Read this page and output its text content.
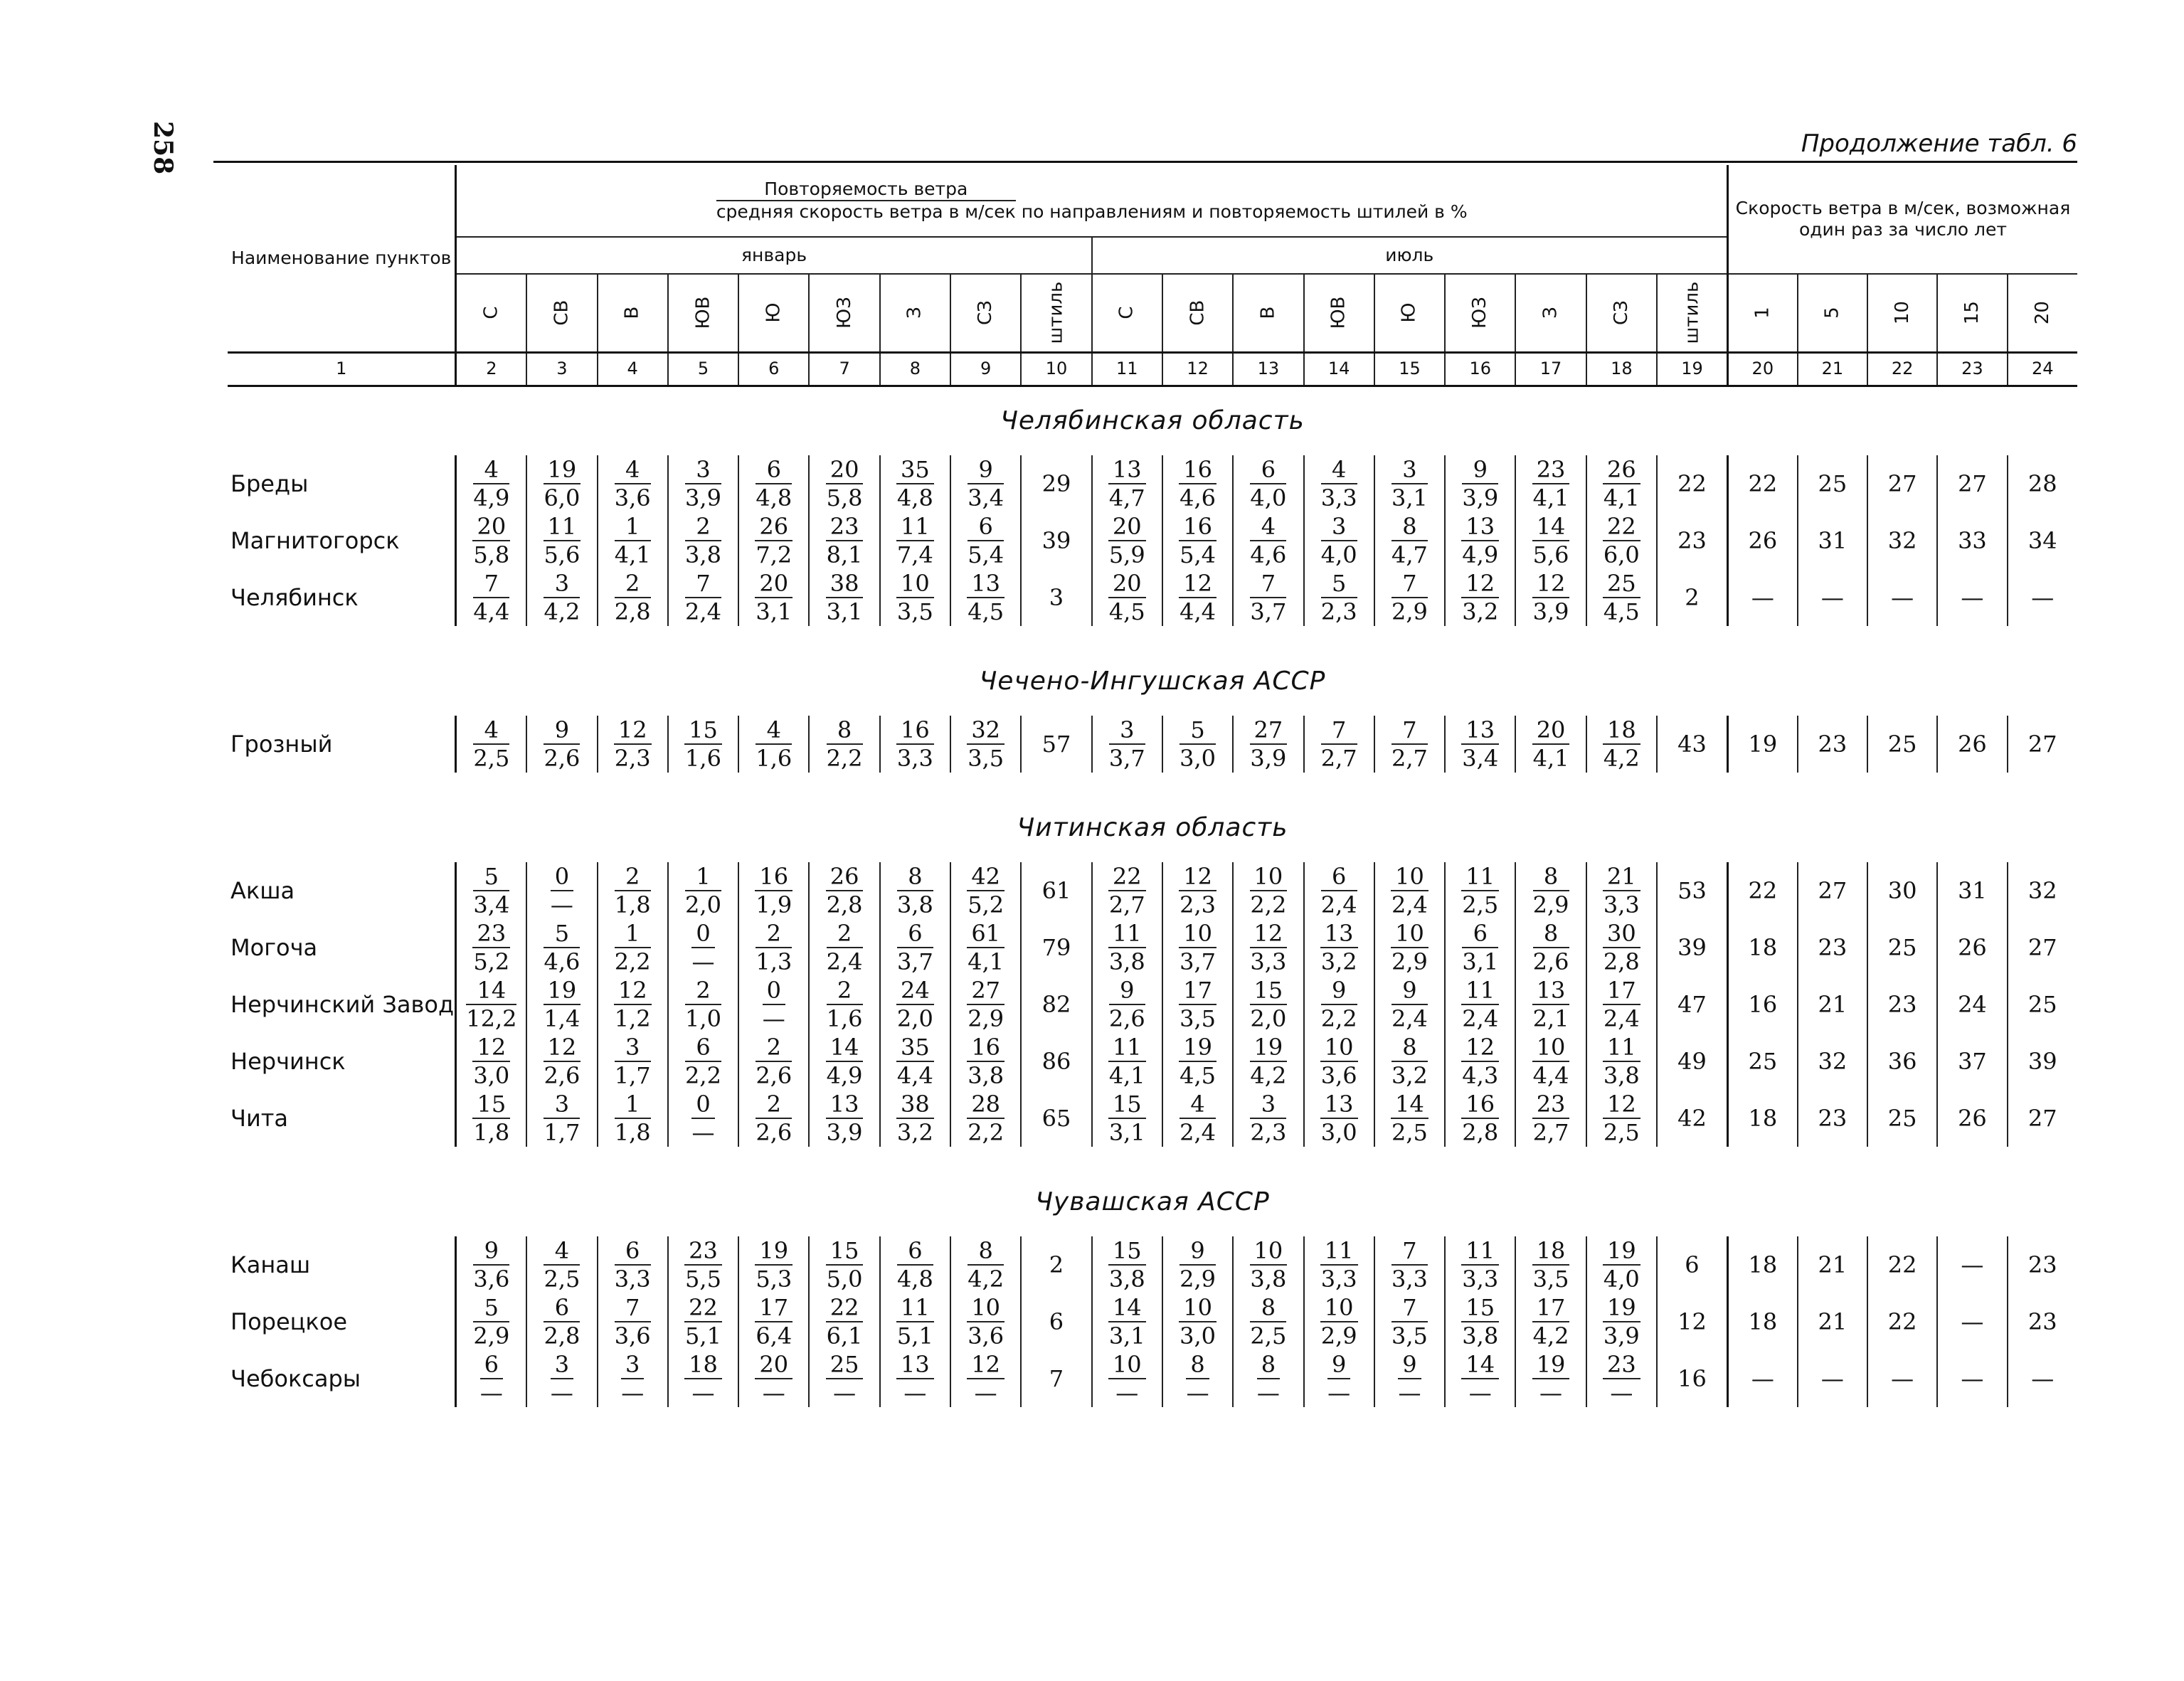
258	Продолжение табл. 6
Наименование пунктов	$\frac{\text{Повторяемость ветра}}{\text{средняя скорость ветра в м/сек}}$ по направлениям и повторяемость штилей в %																		Скорость ветра в м/сек, возможная один раз за число лет				
	январь									июль													
	С	СВ	В	ЮВ	Ю	ЮЗ	З	СЗ	штиль	С	СВ	В	ЮВ	Ю	ЮЗ	З	СЗ	штиль	1	5	10	15	20
1	2	3	4	5	6	7	8	9	10	11	12	13	14	15	16	17	18	19	20	21	22	23	24
Челябинская область																							
Бреды	$\frac{4}{4,9}$	$\frac{19}{6,0}$	$\frac{4}{3,6}$	$\frac{3}{3,9}$	$\frac{6}{4,8}$	$\frac{20}{5,8}$	$\frac{35}{4,8}$	$\frac{9}{3,4}$	29	$\frac{13}{4,7}$	$\frac{16}{4,6}$	$\frac{6}{4,0}$	$\frac{4}{3,3}$	$\frac{3}{3,1}$	$\frac{9}{3,9}$	$\frac{23}{4,1}$	$\frac{26}{4,1}$	22	22	25	27	27	28
Магнитогорск	$\frac{20}{5,8}$	$\frac{11}{5,6}$	$\frac{1}{4,1}$	$\frac{2}{3,8}$	$\frac{26}{7,2}$	$\frac{23}{8,1}$	$\frac{11}{7,4}$	$\frac{6}{5,4}$	39	$\frac{20}{5,9}$	$\frac{16}{5,4}$	$\frac{4}{4,6}$	$\frac{3}{4,0}$	$\frac{8}{4,7}$	$\frac{13}{4,9}$	$\frac{14}{5,6}$	$\frac{22}{6,0}$	23	26	31	32	33	34
Челябинск	$\frac{7}{4,4}$	$\frac{3}{4,2}$	$\frac{2}{2,8}$	$\frac{7}{2,4}$	$\frac{20}{3,1}$	$\frac{38}{3,1}$	$\frac{10}{3,5}$	$\frac{13}{4,5}$	3	$\frac{20}{4,5}$	$\frac{12}{4,4}$	$\frac{7}{3,7}$	$\frac{5}{2,3}$	$\frac{7}{2,9}$	$\frac{12}{3,2}$	$\frac{12}{3,9}$	$\frac{25}{4,5}$	2	—	—	—	—	—

Чечено-Ингушская АССР																							
Грозный	$\frac{4}{2,5}$	$\frac{9}{2,6}$	$\frac{12}{2,3}$	$\frac{15}{1,6}$	$\frac{4}{1,6}$	$\frac{8}{2,2}$	$\frac{16}{3,3}$	$\frac{32}{3,5}$	57	$\frac{3}{3,7}$	$\frac{5}{3,0}$	$\frac{27}{3,9}$	$\frac{7}{2,7}$	$\frac{7}{2,7}$	$\frac{13}{3,4}$	$\frac{20}{4,1}$	$\frac{18}{4,2}$	43	19	23	25	26	27

Читинская область																							
Акша	$\frac{5}{3,4}$	$\frac{0}{—}$	$\frac{2}{1,8}$	$\frac{1}{2,0}$	$\frac{16}{1,9}$	$\frac{26}{2,8}$	$\frac{8}{3,8}$	$\frac{42}{5,2}$	61	$\frac{22}{2,7}$	$\frac{12}{2,3}$	$\frac{10}{2,2}$	$\frac{6}{2,4}$	$\frac{10}{2,4}$	$\frac{11}{2,5}$	$\frac{8}{2,9}$	$\frac{21}{3,3}$	53	22	27	30	31	32
Могоча	$\frac{23}{5,2}$	$\frac{5}{4,6}$	$\frac{1}{2,2}$	$\frac{0}{—}$	$\frac{2}{1,3}$	$\frac{2}{2,4}$	$\frac{6}{3,7}$	$\frac{61}{4,1}$	79	$\frac{11}{3,8}$	$\frac{10}{3,7}$	$\frac{12}{3,3}$	$\frac{13}{3,2}$	$\frac{10}{2,9}$	$\frac{6}{3,1}$	$\frac{8}{2,6}$	$\frac{30}{2,8}$	39	18	23	25	26	27
Нерчинский Завод	$\frac{14}{12,2}$	$\frac{19}{1,4}$	$\frac{12}{1,2}$	$\frac{2}{1,0}$	$\frac{0}{—}$	$\frac{2}{1,6}$	$\frac{24}{2,0}$	$\frac{27}{2,9}$	82	$\frac{9}{2,6}$	$\frac{17}{3,5}$	$\frac{15}{2,0}$	$\frac{9}{2,2}$	$\frac{9}{2,4}$	$\frac{11}{2,4}$	$\frac{13}{2,1}$	$\frac{17}{2,4}$	47	16	21	23	24	25
Нерчинск	$\frac{12}{3,0}$	$\frac{12}{2,6}$	$\frac{3}{1,7}$	$\frac{6}{2,2}$	$\frac{2}{2,6}$	$\frac{14}{4,9}$	$\frac{35}{4,4}$	$\frac{16}{3,8}$	86	$\frac{11}{4,1}$	$\frac{19}{4,5}$	$\frac{19}{4,2}$	$\frac{10}{3,6}$	$\frac{8}{3,2}$	$\frac{12}{4,3}$	$\frac{10}{4,4}$	$\frac{11}{3,8}$	49	25	32	36	37	39
Чита	$\frac{15}{1,8}$	$\frac{3}{1,7}$	$\frac{1}{1,8}$	$\frac{0}{—}$	$\frac{2}{2,6}$	$\frac{13}{3,9}$	$\frac{38}{3,2}$	$\frac{28}{2,2}$	65	$\frac{15}{3,1}$	$\frac{4}{2,4}$	$\frac{3}{2,3}$	$\frac{13}{3,0}$	$\frac{14}{2,5}$	$\frac{16}{2,8}$	$\frac{23}{2,7}$	$\frac{12}{2,5}$	42	18	23	25	26	27

Чувашская АССР																							
Канаш	$\frac{9}{3,6}$	$\frac{4}{2,5}$	$\frac{6}{3,3}$	$\frac{23}{5,5}$	$\frac{19}{5,3}$	$\frac{15}{5,0}$	$\frac{6}{4,8}$	$\frac{8}{4,2}$	2	$\frac{15}{3,8}$	$\frac{9}{2,9}$	$\frac{10}{3,8}$	$\frac{11}{3,3}$	$\frac{7}{3,3}$	$\frac{11}{3,3}$	$\frac{18}{3,5}$	$\frac{19}{4,0}$	6	18	21	22	—	23
Порецкое	$\frac{5}{2,9}$	$\frac{6}{2,8}$	$\frac{7}{3,6}$	$\frac{22}{5,1}$	$\frac{17}{6,4}$	$\frac{22}{6,1}$	$\frac{11}{5,1}$	$\frac{10}{3,6}$	6	$\frac{14}{3,1}$	$\frac{10}{3,0}$	$\frac{8}{2,5}$	$\frac{10}{2,9}$	$\frac{7}{3,5}$	$\frac{15}{3,8}$	$\frac{17}{4,2}$	$\frac{19}{3,9}$	12	18	21	22	—	23
Чебоксары	$\frac{6}{—}$	$\frac{3}{—}$	$\frac{3}{—}$	$\frac{18}{—}$	$\frac{20}{—}$	$\frac{25}{—}$	$\frac{13}{—}$	$\frac{12}{—}$	7	$\frac{10}{—}$	$\frac{8}{—}$	$\frac{8}{—}$	$\frac{9}{—}$	$\frac{9}{—}$	$\frac{14}{—}$	$\frac{19}{—}$	$\frac{23}{—}$	16	—	—	—	—	—
